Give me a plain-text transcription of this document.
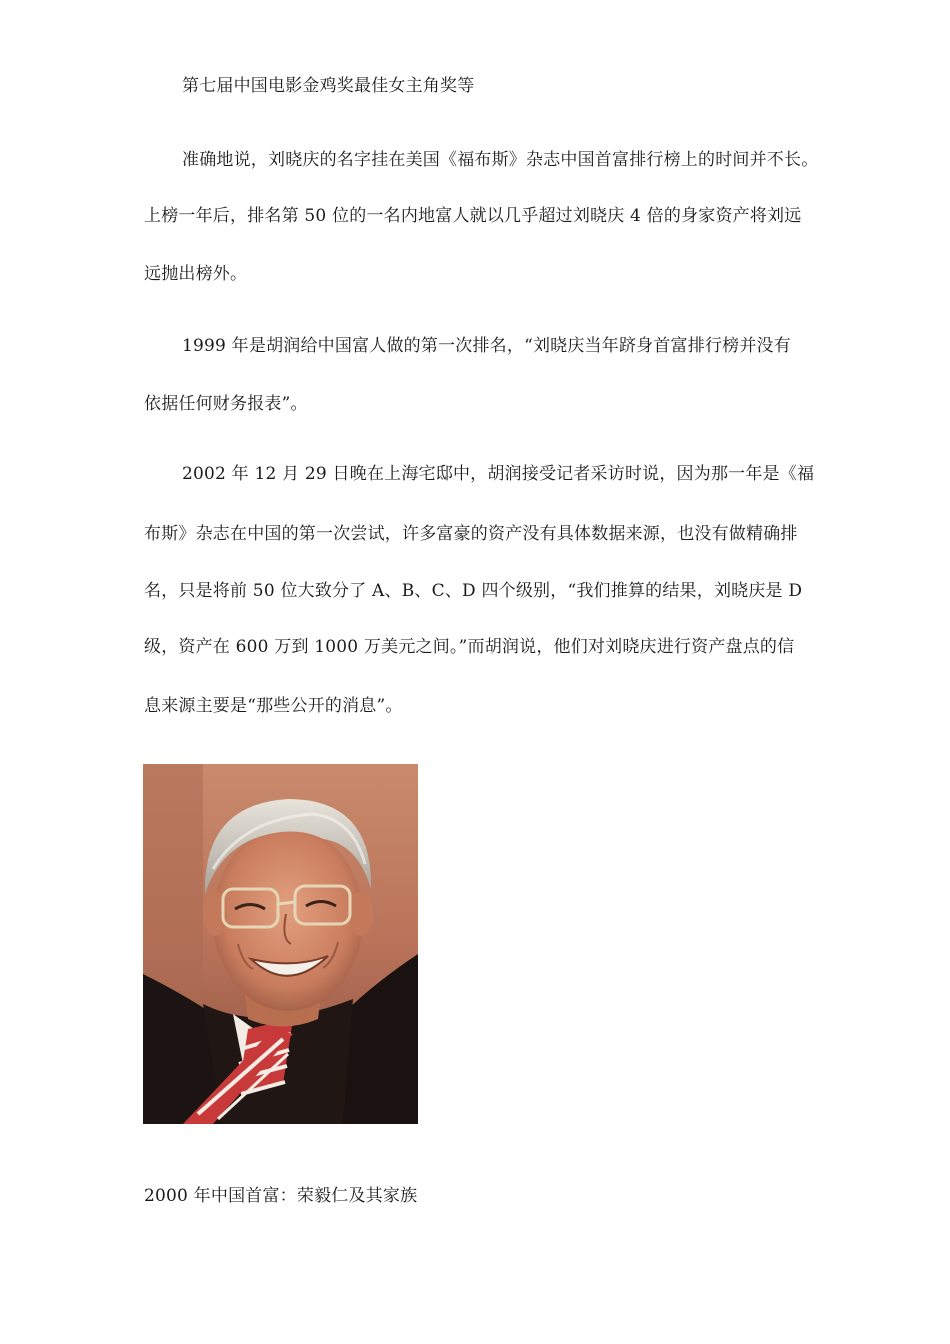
第七届中国电影金鸡奖最佳女主角奖等
准确地说，刘晓庆的名字挂在美国《福布斯》杂志中国首富排行榜上的时间并不长。
上榜一年后，排名第 50 位的一名内地富人就以几乎超过刘晓庆 4 倍的身家资产将刘远
远抛出榜外。
1999 年是胡润给中国富人做的第一次排名，“刘晓庆当年跻身首富排行榜并没有
依据任何财务报表”。
2002 年 12 月 29 日晚在上海宅邸中，胡润接受记者采访时说，因为那一年是《福
布斯》杂志在中国的第一次尝试，许多富豪的资产没有具体数据来源，也没有做精确排
名，只是将前 50 位大致分了 A、B、C、D 四个级别，“我们推算的结果，刘晓庆是 D
级，资产在 600 万到 1000 万美元之间。”而胡润说，他们对刘晓庆进行资产盘点的信
息来源主要是“那些公开的消息”。
2000 年中国首富：荣毅仁及其家族
